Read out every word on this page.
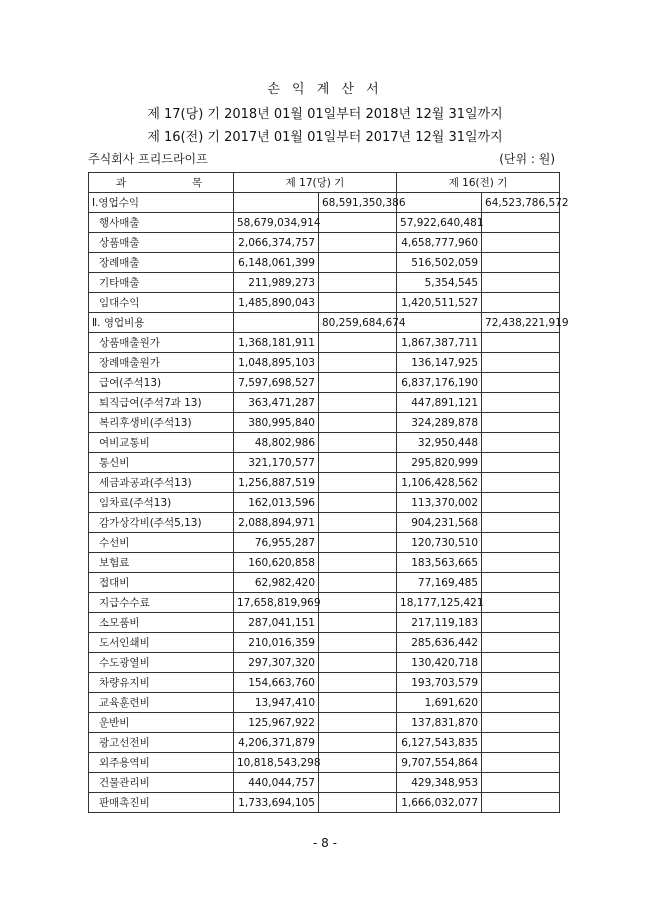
손 익 계 산 서
제 17(당) 기 2018년 01월 01일부터 2018년 12월 31일까지
제 16(전) 기 2017년 01월 01일부터 2017년 12월 31일까지
주식회사 프리드라이프	(단위 : 원)
과 목	제 17(당) 기		제 16(전) 기	
Ⅰ.영업수익		68,591,350,386		64,523,786,572
행사매출	58,679,034,914		57,922,640,481	
상품매출	2,066,374,757		4,658,777,960	
장례매출	6,148,061,399		516,502,059	
기타매출	211,989,273		5,354,545	
임대수익	1,485,890,043		1,420,511,527	
Ⅱ. 영업비용		80,259,684,674		72,438,221,919
상품매출원가	1,368,181,911		1,867,387,711	
장례매출원가	1,048,895,103		136,147,925	
급여(주석13)	7,597,698,527		6,837,176,190	
퇴직급여(주석7과 13)	363,471,287		447,891,121	
복리후생비(주석13)	380,995,840		324,289,878	
여비교통비	48,802,986		32,950,448	
통신비	321,170,577		295,820,999	
세금과공과(주석13)	1,256,887,519		1,106,428,562	
임차료(주석13)	162,013,596		113,370,002	
감가상각비(주석5,13)	2,088,894,971		904,231,568	
수선비	76,955,287		120,730,510	
보험료	160,620,858		183,563,665	
접대비	62,982,420		77,169,485	
지급수수료	17,658,819,969		18,177,125,421	
소모품비	287,041,151		217,119,183	
도서인쇄비	210,016,359		285,636,442	
수도광열비	297,307,320		130,420,718	
차량유지비	154,663,760		193,703,579	
교육훈련비	13,947,410		1,691,620	
운반비	125,967,922		137,831,870	
광고선전비	4,206,371,879		6,127,543,835	
외주용역비	10,818,543,298		9,707,554,864	
건물관리비	440,044,757		429,348,953	
판매촉진비	1,733,694,105		1,666,032,077	
- 8 -
